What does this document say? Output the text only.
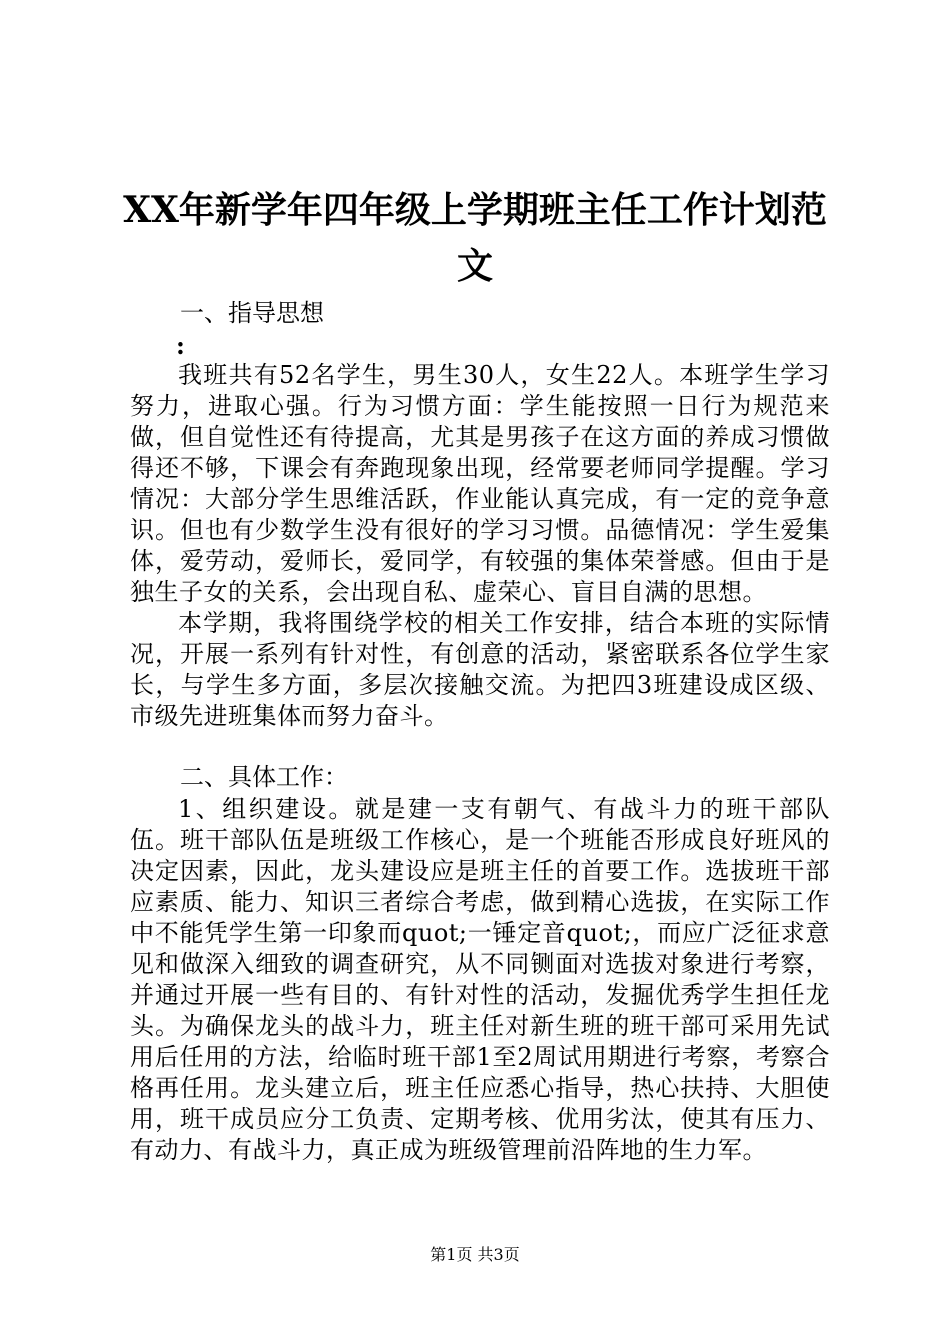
XX年新学年四年级上学期班主任工作计划范
文

一、指导思想

:

我班共有52名学生，男生30人，女生22人。本班学生学习努力，进取心强。行为习惯方面：学生能按照一日行为规范来做，但自觉性还有待提高，尤其是男孩子在这方面的养成习惯做得还不够，下课会有奔跑现象出现，经常要老师同学提醒。学习情况：大部分学生思维活跃，作业能认真完成，有一定的竞争意识。但也有少数学生没有很好的学习习惯。品德情况：学生爱集体，爱劳动，爱师长，爱同学，有较强的集体荣誉感。但由于是独生子女的关系，会出现自私、虚荣心、盲目自满的思想。

本学期，我将围绕学校的相关工作安排，结合本班的实际情况，开展一系列有针对性，有创意的活动，紧密联系各位学生家长，与学生多方面，多层次接触交流。为把四3班建设成区级、市级先进班集体而努力奋斗。

二、具体工作：

1、组织建设。就是建一支有朝气、有战斗力的班干部队伍。班干部队伍是班级工作核心，是一个班能否形成良好班风的决定因素，因此，龙头建设应是班主任的首要工作。选拔班干部应素质、能力、知识三者综合考虑，做到精心选拔，在实际工作中不能凭学生第一印象而quot;一锤定音quot;，而应广泛征求意见和做深入细致的调查研究，从不同铡面对选拔对象进行考察，并通过开展一些有目的、有针对性的活动，发掘优秀学生担任龙头。为确保龙头的战斗力，班主任对新生班的班干部可采用先试用后任用的方法，给临时班干部1至2周试用期进行考察，考察合格再任用。龙头建立后，班主任应悉心指导，热心扶持、大胆使用，班干成员应分工负责、定期考核、优用劣汰，使其有压力、有动力、有战斗力，真正成为班级管理前沿阵地的生力军。

第1页 共3页
